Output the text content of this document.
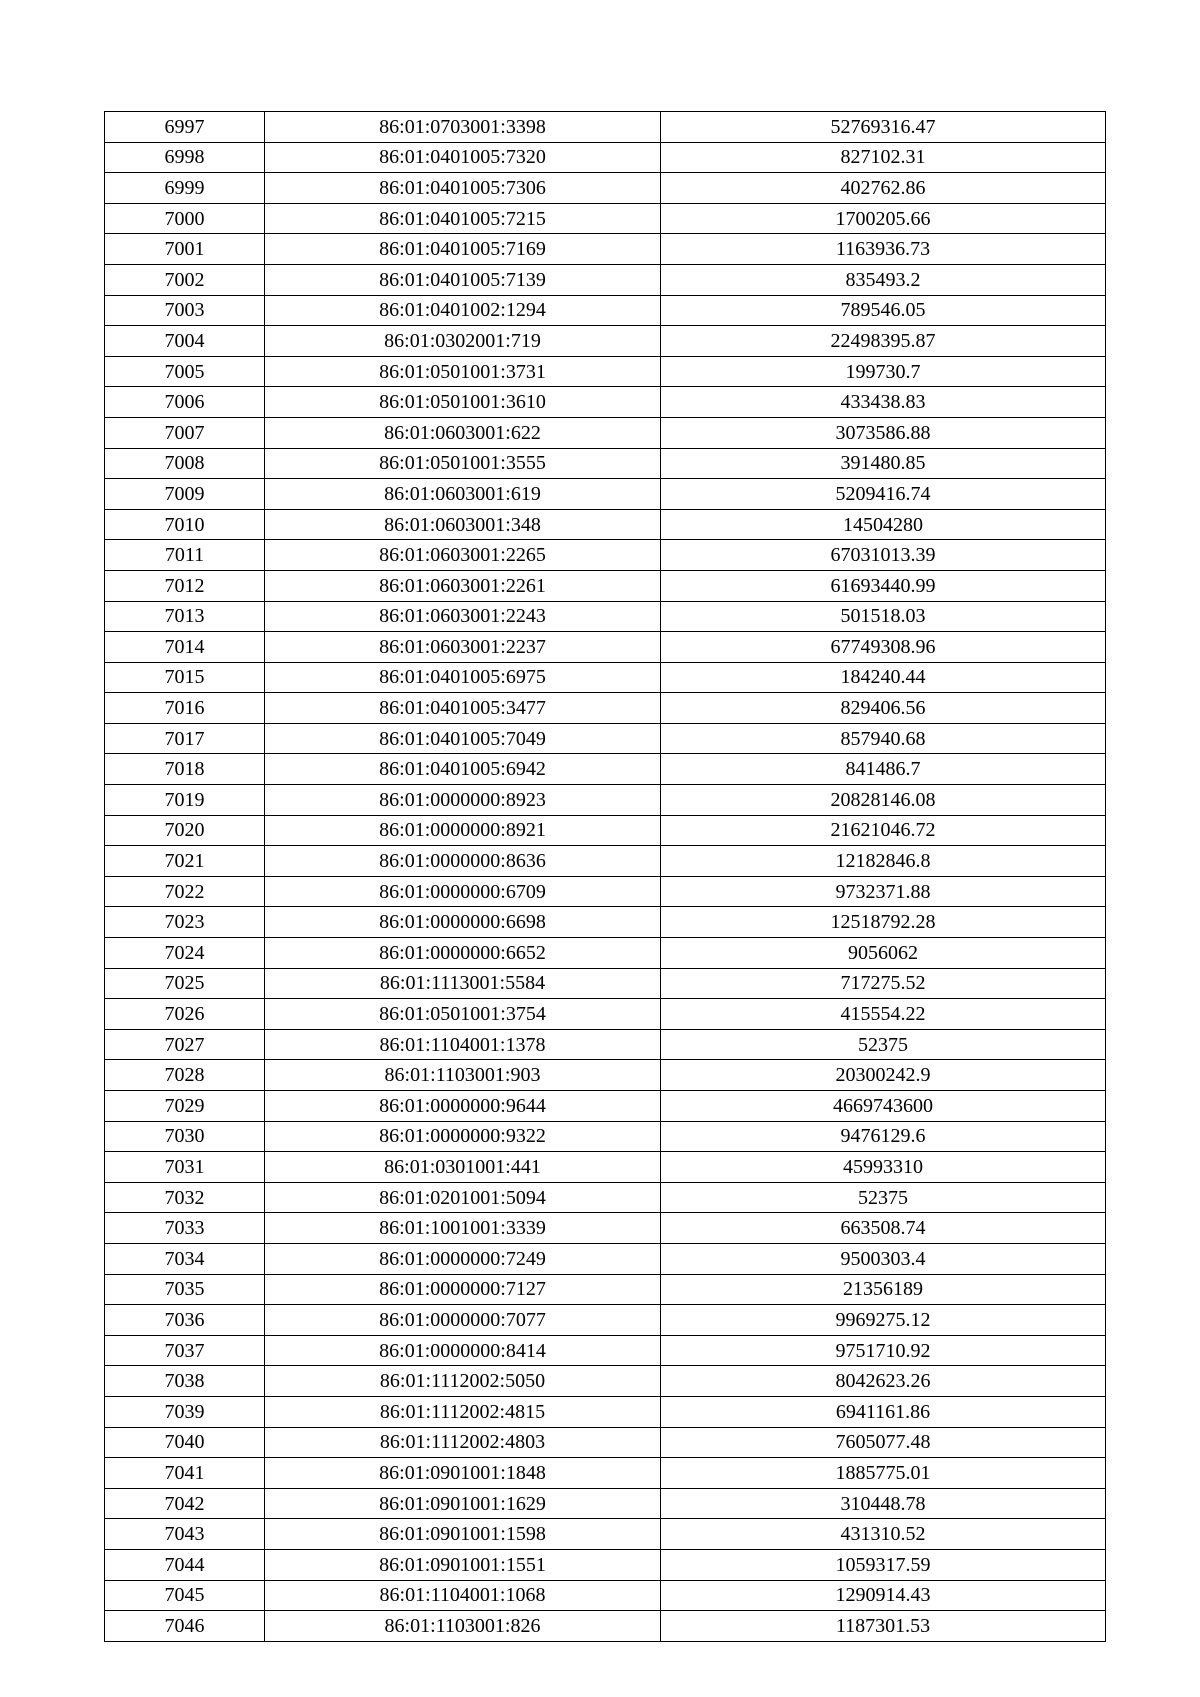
6997	86:01:0703001:3398	52769316.47
6998	86:01:0401005:7320	827102.31
6999	86:01:0401005:7306	402762.86
7000	86:01:0401005:7215	1700205.66
7001	86:01:0401005:7169	1163936.73
7002	86:01:0401005:7139	835493.2
7003	86:01:0401002:1294	789546.05
7004	86:01:0302001:719	22498395.87
7005	86:01:0501001:3731	199730.7
7006	86:01:0501001:3610	433438.83
7007	86:01:0603001:622	3073586.88
7008	86:01:0501001:3555	391480.85
7009	86:01:0603001:619	5209416.74
7010	86:01:0603001:348	14504280
7011	86:01:0603001:2265	67031013.39
7012	86:01:0603001:2261	61693440.99
7013	86:01:0603001:2243	501518.03
7014	86:01:0603001:2237	67749308.96
7015	86:01:0401005:6975	184240.44
7016	86:01:0401005:3477	829406.56
7017	86:01:0401005:7049	857940.68
7018	86:01:0401005:6942	841486.7
7019	86:01:0000000:8923	20828146.08
7020	86:01:0000000:8921	21621046.72
7021	86:01:0000000:8636	12182846.8
7022	86:01:0000000:6709	9732371.88
7023	86:01:0000000:6698	12518792.28
7024	86:01:0000000:6652	9056062
7025	86:01:1113001:5584	717275.52
7026	86:01:0501001:3754	415554.22
7027	86:01:1104001:1378	52375
7028	86:01:1103001:903	20300242.9
7029	86:01:0000000:9644	4669743600
7030	86:01:0000000:9322	9476129.6
7031	86:01:0301001:441	45993310
7032	86:01:0201001:5094	52375
7033	86:01:1001001:3339	663508.74
7034	86:01:0000000:7249	9500303.4
7035	86:01:0000000:7127	21356189
7036	86:01:0000000:7077	9969275.12
7037	86:01:0000000:8414	9751710.92
7038	86:01:1112002:5050	8042623.26
7039	86:01:1112002:4815	6941161.86
7040	86:01:1112002:4803	7605077.48
7041	86:01:0901001:1848	1885775.01
7042	86:01:0901001:1629	310448.78
7043	86:01:0901001:1598	431310.52
7044	86:01:0901001:1551	1059317.59
7045	86:01:1104001:1068	1290914.43
7046	86:01:1103001:826	1187301.53
